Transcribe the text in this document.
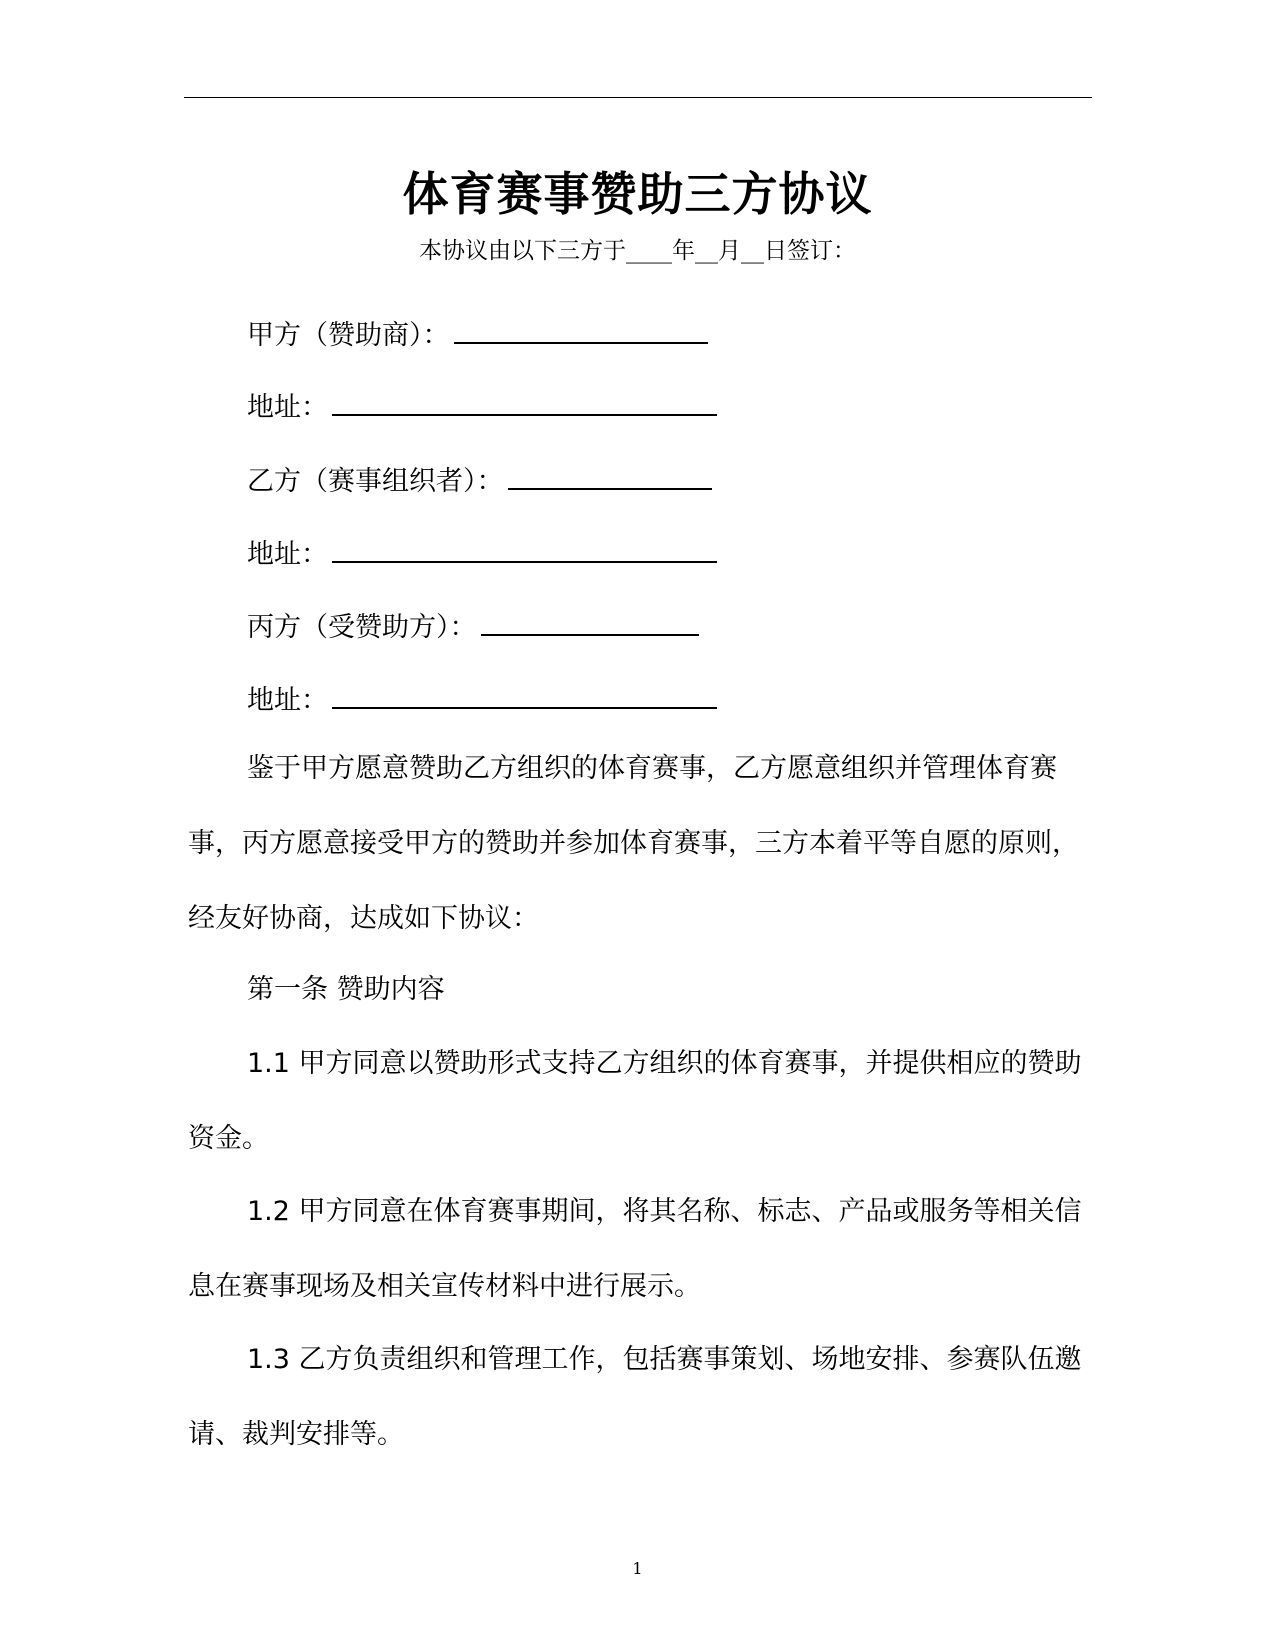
体育赛事赞助三方协议
本协议由以下三方于____年__月__日签订：
甲方（赞助商）：
地址：
乙方（赛事组织者）：
地址：
丙方（受赞助方）：
地址：

鉴于甲方愿意赞助乙方组织的体育赛事，乙方愿意组织并管理体育赛事，丙方愿意接受甲方的赞助并参加体育赛事，三方本着平等自愿的原则，经友好协商，达成如下协议：

第一条 赞助内容

1.1 甲方同意以赞助形式支持乙方组织的体育赛事，并提供相应的赞助资金。

1.2 甲方同意在体育赛事期间，将其名称、标志、产品或服务等相关信息在赛事现场及相关宣传材料中进行展示。

1.3 乙方负责组织和管理工作，包括赛事策划、场地安排、参赛队伍邀请、裁判安排等。

1
